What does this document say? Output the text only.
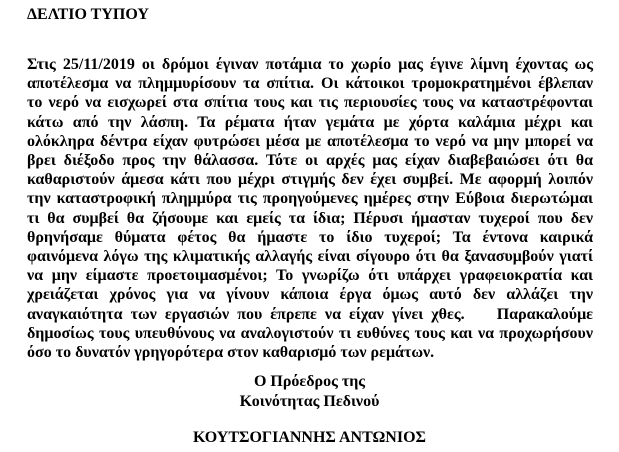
ΔΕΛΤΙΟ ΤΥΠΟΥ
Στις 25/11/2019 οι δρόμοι έγιναν ποτάμια το χωρίο μας έγινε λίμνη έχοντας ως
αποτέλεσμα να πλημμυρίσουν τα σπίτια. Οι κάτοικοι τρομοκρατημένοι έβλεπαν
το νερό να εισχωρεί στα σπίτια τους και τις περιουσίες τους να καταστρέφονται
κάτω από την λάσπη. Τα ρέματα ήταν γεμάτα με χόρτα καλάμια μέχρι και
ολόκληρα δέντρα είχαν φυτρώσει μέσα με αποτέλεσμα το νερό να μην μπορεί να
βρει διέξοδο προς την θάλασσα. Τότε οι αρχές μας είχαν διαβεβαιώσει ότι θα
καθαριστούν άμεσα κάτι που μέχρι στιγμής δεν έχει συμβεί. Με αφορμή λοιπόν
την καταστροφική πλημμύρα τις προηγούμενες ημέρες στην Εύβοια διερωτώμαι
τι θα συμβεί θα ζήσουμε και εμείς τα ίδια; Πέρυσι ήμασταν τυχεροί που δεν
θρηνήσαμε θύματα φέτος θα ήμαστε το ίδιο τυχεροί; Τα έντονα καιρικά
φαινόμενα λόγω της κλιματικής αλλαγής είναι σίγουρο ότι θα ξανασυμβούν γιατί
να μην είμαστε προετοιμασμένοι; Το γνωρίζω ότι υπάρχει γραφειοκρατία και
χρειάζεται χρόνος για να γίνουν κάποια έργα όμως αυτό δεν αλλάζει την
αναγκαιότητα των εργασιών που έπρεπε να είχαν γίνει χθες.    Παρακαλούμε
δημοσίως τους υπευθύνους να αναλογιστούν τι ευθύνες τους και να προχωρήσουν
όσο το δυνατόν γρηγορότερα στον καθαρισμό των ρεμάτων.
Ο Πρόεδρος της
Κοινότητας Πεδινού
ΚΟΥΤΣΟΓΙΑΝΝΗΣ ΑΝΤΩΝΙΟΣ
